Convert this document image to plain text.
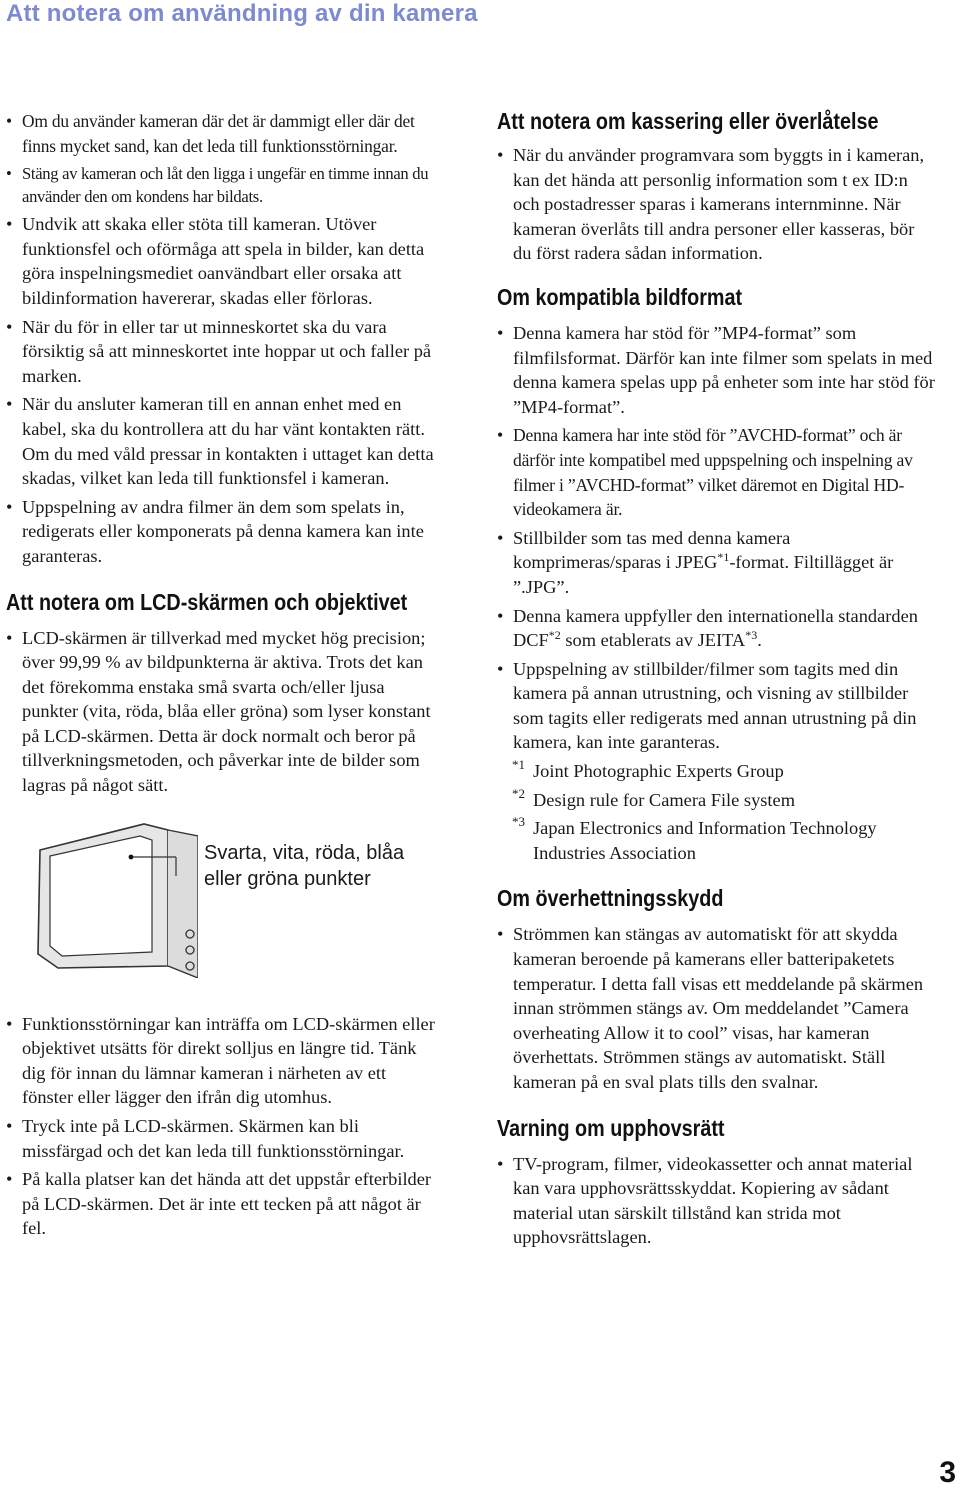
Att notera om användning av din kamera
• Om du använder kameran där det är dammigt eller där det finns mycket sand, kan det leda till funktionsstörningar.
• Stäng av kameran och låt den ligga i ungefär en timme innan du använder den om kondens har bildats.
• Undvik att skaka eller stöta till kameran. Utöver funktionsfel och oförmåga att spela in bilder, kan detta göra inspelningsmediet oanvändbart eller orsaka att bildinformation havererar, skadas eller förloras.
• När du för in eller tar ut minneskortet ska du vara försiktig så att minneskortet inte hoppar ut och faller på marken.
• När du ansluter kameran till en annan enhet med en kabel, ska du kontrollera att du har vänt kontakten rätt. Om du med våld pressar in kontakten i uttaget kan detta skadas, vilket kan leda till funktionsfel i kameran.
• Uppspelning av andra filmer än dem som spelats in, redigerats eller komponerats på denna kamera kan inte garanteras.
Att notera om LCD-skärmen och objektivet
• LCD-skärmen är tillverkad med mycket hög precision; över 99,99 % av bildpunkterna är aktiva. Trots det kan det förekomma enstaka små svarta och/eller ljusa punkter (vita, röda, blåa eller gröna) som lyser konstant på LCD-skärmen. Detta är dock normalt och beror på tillverkningsmetoden, och påverkar inte de bilder som lagras på något sätt.
Svarta, vita, röda, blåa eller gröna punkter
• Funktionsstörningar kan inträffa om LCD-skärmen eller objektivet utsätts för direkt solljus en längre tid. Tänk dig för innan du lämnar kameran i närheten av ett fönster eller lägger den ifrån dig utomhus.
• Tryck inte på LCD-skärmen. Skärmen kan bli missfärgad och det kan leda till funktionsstörningar.
• På kalla platser kan det hända att det uppstår efterbilder på LCD-skärmen. Det är inte ett tecken på att något är fel.
Att notera om kassering eller överlåtelse
• När du använder programvara som byggts in i kameran, kan det hända att personlig information som t ex ID:n och postadresser sparas i kamerans internminne. När kameran överlåts till andra personer eller kasseras, bör du först radera sådan information.
Om kompatibla bildformat
• Denna kamera har stöd för ”MP4-format” som filmfilsformat. Därför kan inte filmer som spelats in med denna kamera spelas upp på enheter som inte har stöd för ”MP4-format”.
• Denna kamera har inte stöd för ”AVCHD-format” och är därför inte kompatibel med uppspelning och inspelning av filmer i ”AVCHD-format” vilket däremot en Digital HD-videokamera är.
• Stillbilder som tas med denna kamera komprimeras/sparas i JPEG$^{*1}$-format. Filtillägget är ”.JPG”.
• Denna kamera uppfyller den internationella standarden DCF$^{*2}$ som etablerats av JEITA$^{*3}$.
• Uppspelning av stillbilder/filmer som tagits med din kamera på annan utrustning, och visning av stillbilder som tagits eller redigerats med annan utrustning på din kamera, kan inte garanteras.
*1 Joint Photographic Experts Group
*2 Design rule for Camera File system
*3 Japan Electronics and Information Technology Industries Association
Om överhettningsskydd
• Strömmen kan stängas av automatiskt för att skydda kameran beroende på kamerans eller batteripaketets temperatur. I detta fall visas ett meddelande på skärmen innan strömmen stängs av. Om meddelandet ”Camera overheating Allow it to cool” visas, har kameran överhettats. Strömmen stängs av automatiskt. Ställ kameran på en sval plats tills den svalnar.
Varning om upphovsrätt
• TV-program, filmer, videokassetter och annat material kan vara upphovsrättsskyddat. Kopiering av sådant material utan särskilt tillstånd kan strida mot upphovsrättslagen.
3
